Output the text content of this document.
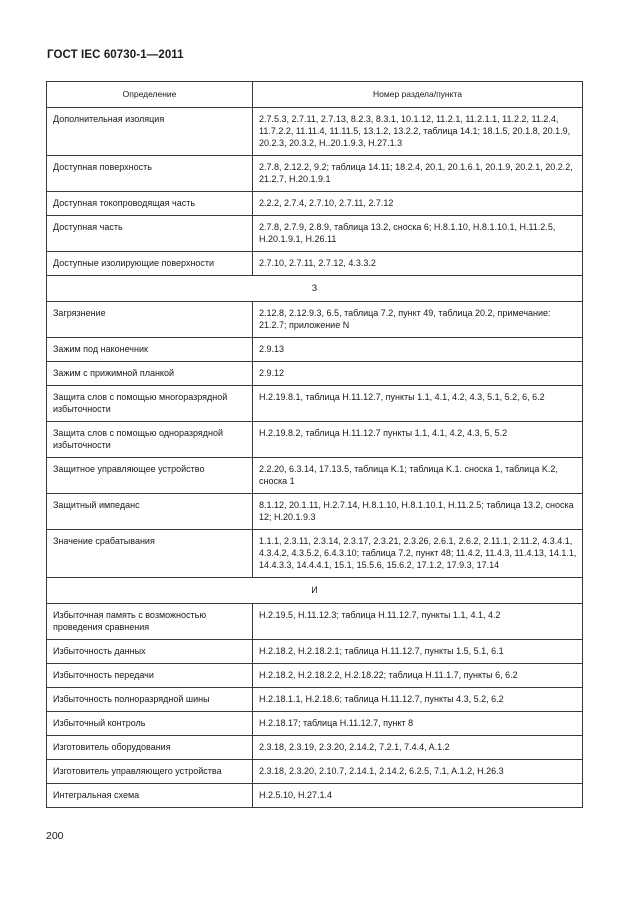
ГОСТ IEC 60730-1—2011
Определение	Номер раздела/пункта
Дополнительная изоляция	2.7.5.3, 2.7.11, 2.7.13, 8.2.3, 8.3.1, 10.1.12, 11.2.1, 11.2.1.1, 11.2.2, 11.2.4, 11.7.2.2, 11.11.4, 11.11.5, 13.1.2, 13.2.2, таблица 14.1; 18.1.5, 20.1.8, 20.1.9, 20.2.3, 20.3.2, H..20.1.9.3, H.27.1.3
Доступная поверхность	2.7.8, 2.12.2, 9.2; таблица 14.11; 18.2.4, 20.1, 20.1.6.1, 20.1.9, 20.2.1, 20.2.2, 21.2.7, H.20.1.9.1
Доступная токопроводящая часть	2.2.2, 2.7.4, 2.7.10, 2.7.11, 2.7.12
Доступная часть	2.7.8, 2.7.9, 2.8.9, таблица 13.2, сноска 6; H.8.1.10, H.8.1.10.1, H.11.2.5, H.20.1.9.1, H.26.11
Доступные изолирующие поверхности	2.7.10, 2.7.11, 2.7.12, 4.3.3.2
З	
Загрязнение	2.12.8, 2.12.9.3, 6.5, таблица 7.2, пункт 49, таблица 20.2, примечание: 21.2.7; приложение N
Зажим под наконечник	2.9.13
Зажим с прижимной планкой	2.9.12
Защита слов с помощью многоразрядной избыточности	H.2.19.8.1, таблица H.11.12.7, пункты 1.1, 4.1, 4.2, 4.3, 5.1, 5.2, 6, 6.2
Защита слов с помощью одноразрядной избыточности	H.2.19.8.2, таблица H.11.12.7 пункты 1.1, 4.1, 4.2, 4.3, 5, 5.2
Защитное управляющее устройство	2.2.20, 6.3.14, 17.13.5, таблица K.1; таблица K.1. сноска 1, таблица K.2, сноска 1
Защитный импеданс	8.1.12, 20.1.11, H.2.7.14, H.8.1.10, H.8.1.10.1, H.11.2.5; таблица 13.2, сноска 12; H.20.1.9.3
Значение срабатывания	1.1.1, 2.3.11, 2.3.14, 2.3.17, 2.3.21, 2.3.26, 2.6.1, 2.6.2, 2.11.1, 2.11.2, 4.3.4.1, 4.3.4.2, 4.3.5.2, 6.4.3.10; таблица 7.2, пункт 48; 11.4.2, 11.4.3, 11.4.13, 14.1.1, 14.4.3.3, 14.4.4.1, 15.1, 15.5.6, 15.6.2, 17.1.2, 17.9.3, 17.14
И	
Избыточная память с возможностью проведения сравнения	H.2.19.5, H.11.12.3; таблица H.11.12.7, пункты 1.1, 4.1, 4.2
Избыточность данных	H.2.18.2, H.2.18.2.1; таблица H.11.12.7, пункты 1.5, 5.1, 6.1
Избыточность передачи	H.2.18.2, H.2.18.2.2, H.2.18.22; таблица H.11.1.7, пункты 6, 6.2
Избыточность полноразрядной шины	H.2.18.1.1, H.2.18.6; таблица H.11.12.7, пункты 4.3, 5.2, 6.2
Избыточный контроль	H.2.18.17; таблица H.11.12.7, пункт 8
Изготовитель оборудования	2.3.18, 2.3.19, 2.3.20, 2.14.2, 7.2.1, 7.4.4, A.1.2
Изготовитель управляющего устройства	2.3.18, 2.3.20, 2.10.7, 2.14.1, 2.14.2, 6.2.5, 7.1, A.1.2, H.26.3
Интегральная схема	H.2.5.10, H.27.1.4
200
